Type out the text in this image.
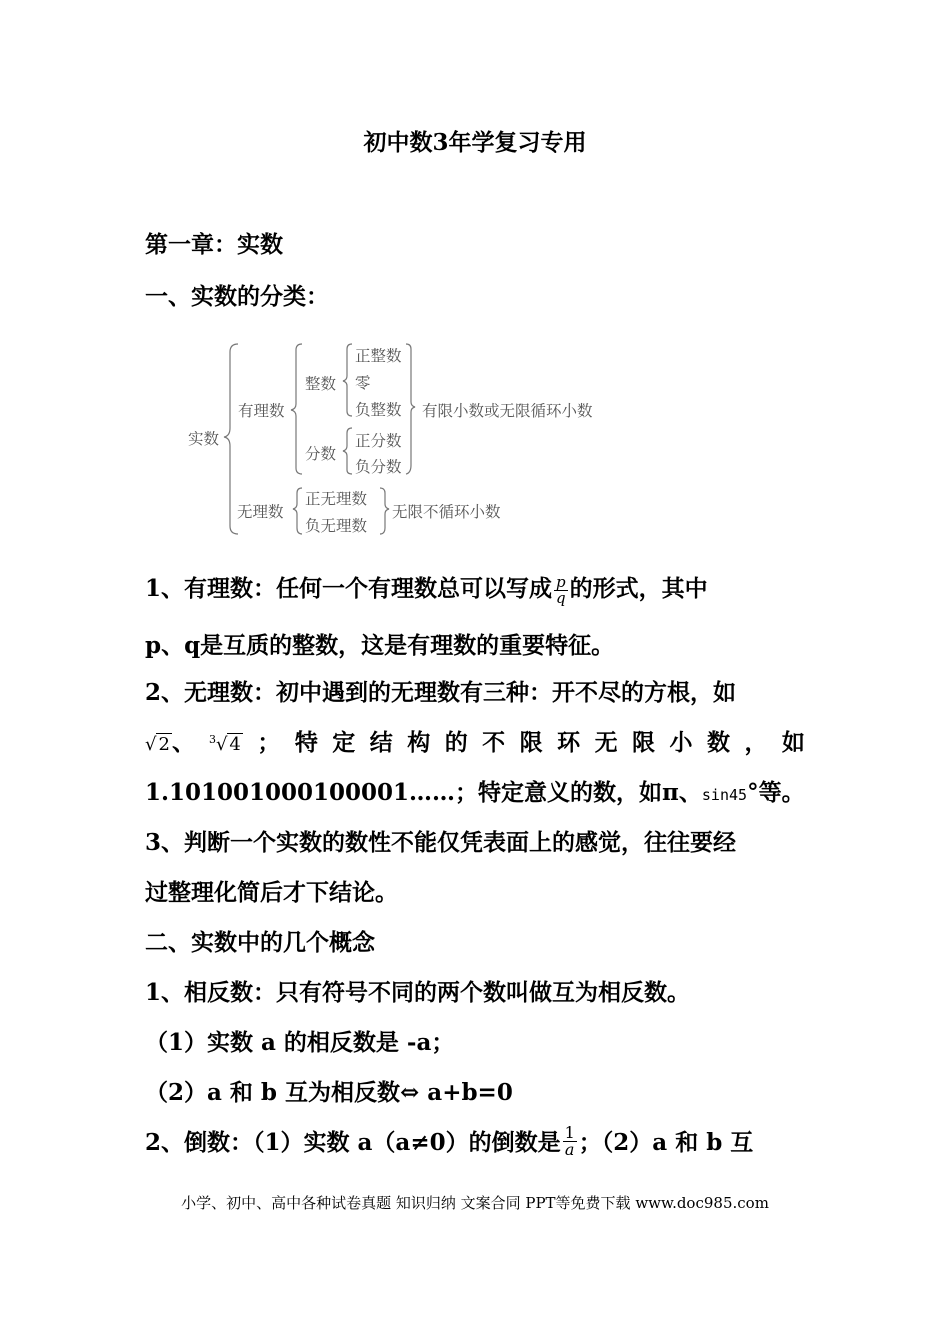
初中数3年学复习专用
第一章：实数
一、实数的分类：
实数
有理数
整数
正整数
零
负整数 有限小数或无限循环小数
分数
正分数
负分数
无理数
正无理数
负无理数
无限不循环小数
1、有理数：任何一个有理数总可以写成 $\frac{p}{q}$ 的形式，其中
p、q是互质的整数，这是有理数的重要特征。
2、无理数：初中遇到的无理数有三种：开不尽的方根，如
√ 2、 $^3$√ 4 ； 特 定 结 构 的 不 限 环 无 限 小 数 ， 如
1.101001000100001……；特定意义的数，如π、sin45°等。
3、判断一个实数的数性不能仅凭表面上的感觉，往往要经
过整理化简后才下结论。
二、实数中的几个概念
1、相反数：只有符号不同的两个数叫做互为相反数。
（1）实数 a 的相反数是 -a；
（2）a 和 b 互为相反数⇔ a+b=0
2、倒数：（1）实数 a（a≠0）的倒数是 $\frac{1}{a}$ ；（2）a 和 b 互
小学、初中、高中各种试卷真题 知识归纳 文案合同 PPT等免费下载 www.doc985.com
